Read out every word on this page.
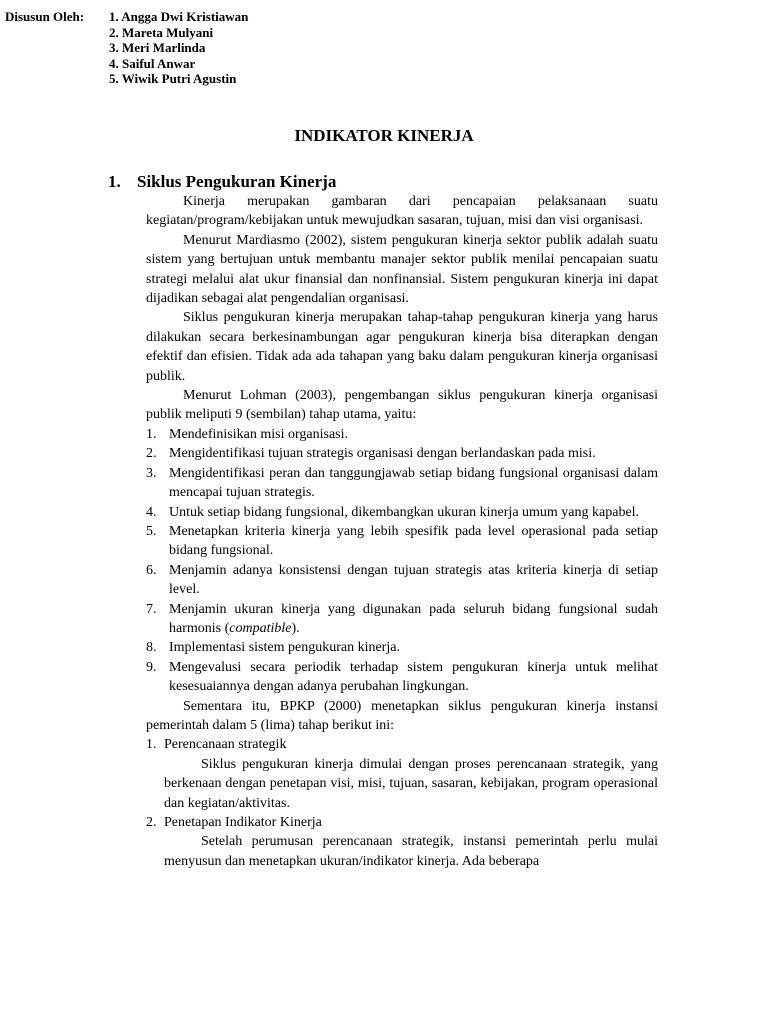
Disusun Oleh:	1. Angga Dwi Kristiawan
2. Mareta Mulyani
3. Meri Marlinda
4. Saiful Anwar
5. Wiwik Putri Agustin
INDIKATOR KINERJA
1. Siklus Pengukuran Kinerja

Kinerja merupakan gambaran dari pencapaian pelaksanaan suatu kegiatan/program/kebijakan untuk mewujudkan sasaran, tujuan, misi dan visi organisasi.

Menurut Mardiasmo (2002), sistem pengukuran kinerja sektor publik adalah suatu sistem yang bertujuan untuk membantu manajer sektor publik menilai pencapaian suatu strategi melalui alat ukur finansial dan nonfinansial. Sistem pengukuran kinerja ini dapat dijadikan sebagai alat pengendalian organisasi.

Siklus pengukuran kinerja merupakan tahap-tahap pengukuran kinerja yang harus dilakukan secara berkesinambungan agar pengukuran kinerja bisa diterapkan dengan efektif dan efisien. Tidak ada ada tahapan yang baku dalam pengukuran kinerja organisasi publik.

Menurut Lohman (2003), pengembangan siklus pengukuran kinerja organisasi publik meliputi 9 (sembilan) tahap utama, yaitu:

1. Mendefinisikan misi organisasi.
2. Mengidentifikasi tujuan strategis organisasi dengan berlandaskan pada misi.
3. Mengidentifikasi peran dan tanggungjawab setiap bidang fungsional organisasi dalam mencapai tujuan strategis.
4. Untuk setiap bidang fungsional, dikembangkan ukuran kinerja umum yang kapabel.
5. Menetapkan kriteria kinerja yang lebih spesifik pada level operasional pada setiap bidang fungsional.
6. Menjamin adanya konsistensi dengan tujuan strategis atas kriteria kinerja di setiap level.
7. Menjamin ukuran kinerja yang digunakan pada seluruh bidang fungsional sudah harmonis (compatible).
8. Implementasi sistem pengukuran kinerja.
9. Mengevalusi secara periodik terhadap sistem pengukuran kinerja untuk melihat kesesuaiannya dengan adanya perubahan lingkungan.

Sementara itu, BPKP (2000) menetapkan siklus pengukuran kinerja instansi pemerintah dalam 5 (lima) tahap berikut ini:

1. Perencanaan strategik

Siklus pengukuran kinerja dimulai dengan proses perencanaan strategik, yang berkenaan dengan penetapan visi, misi, tujuan, sasaran, kebijakan, program operasional dan kegiatan/aktivitas.

2. Penetapan Indikator Kinerja

Setelah perumusan perencanaan strategik, instansi pemerintah perlu mulai menyusun dan menetapkan ukuran/indikator kinerja. Ada beberapa
